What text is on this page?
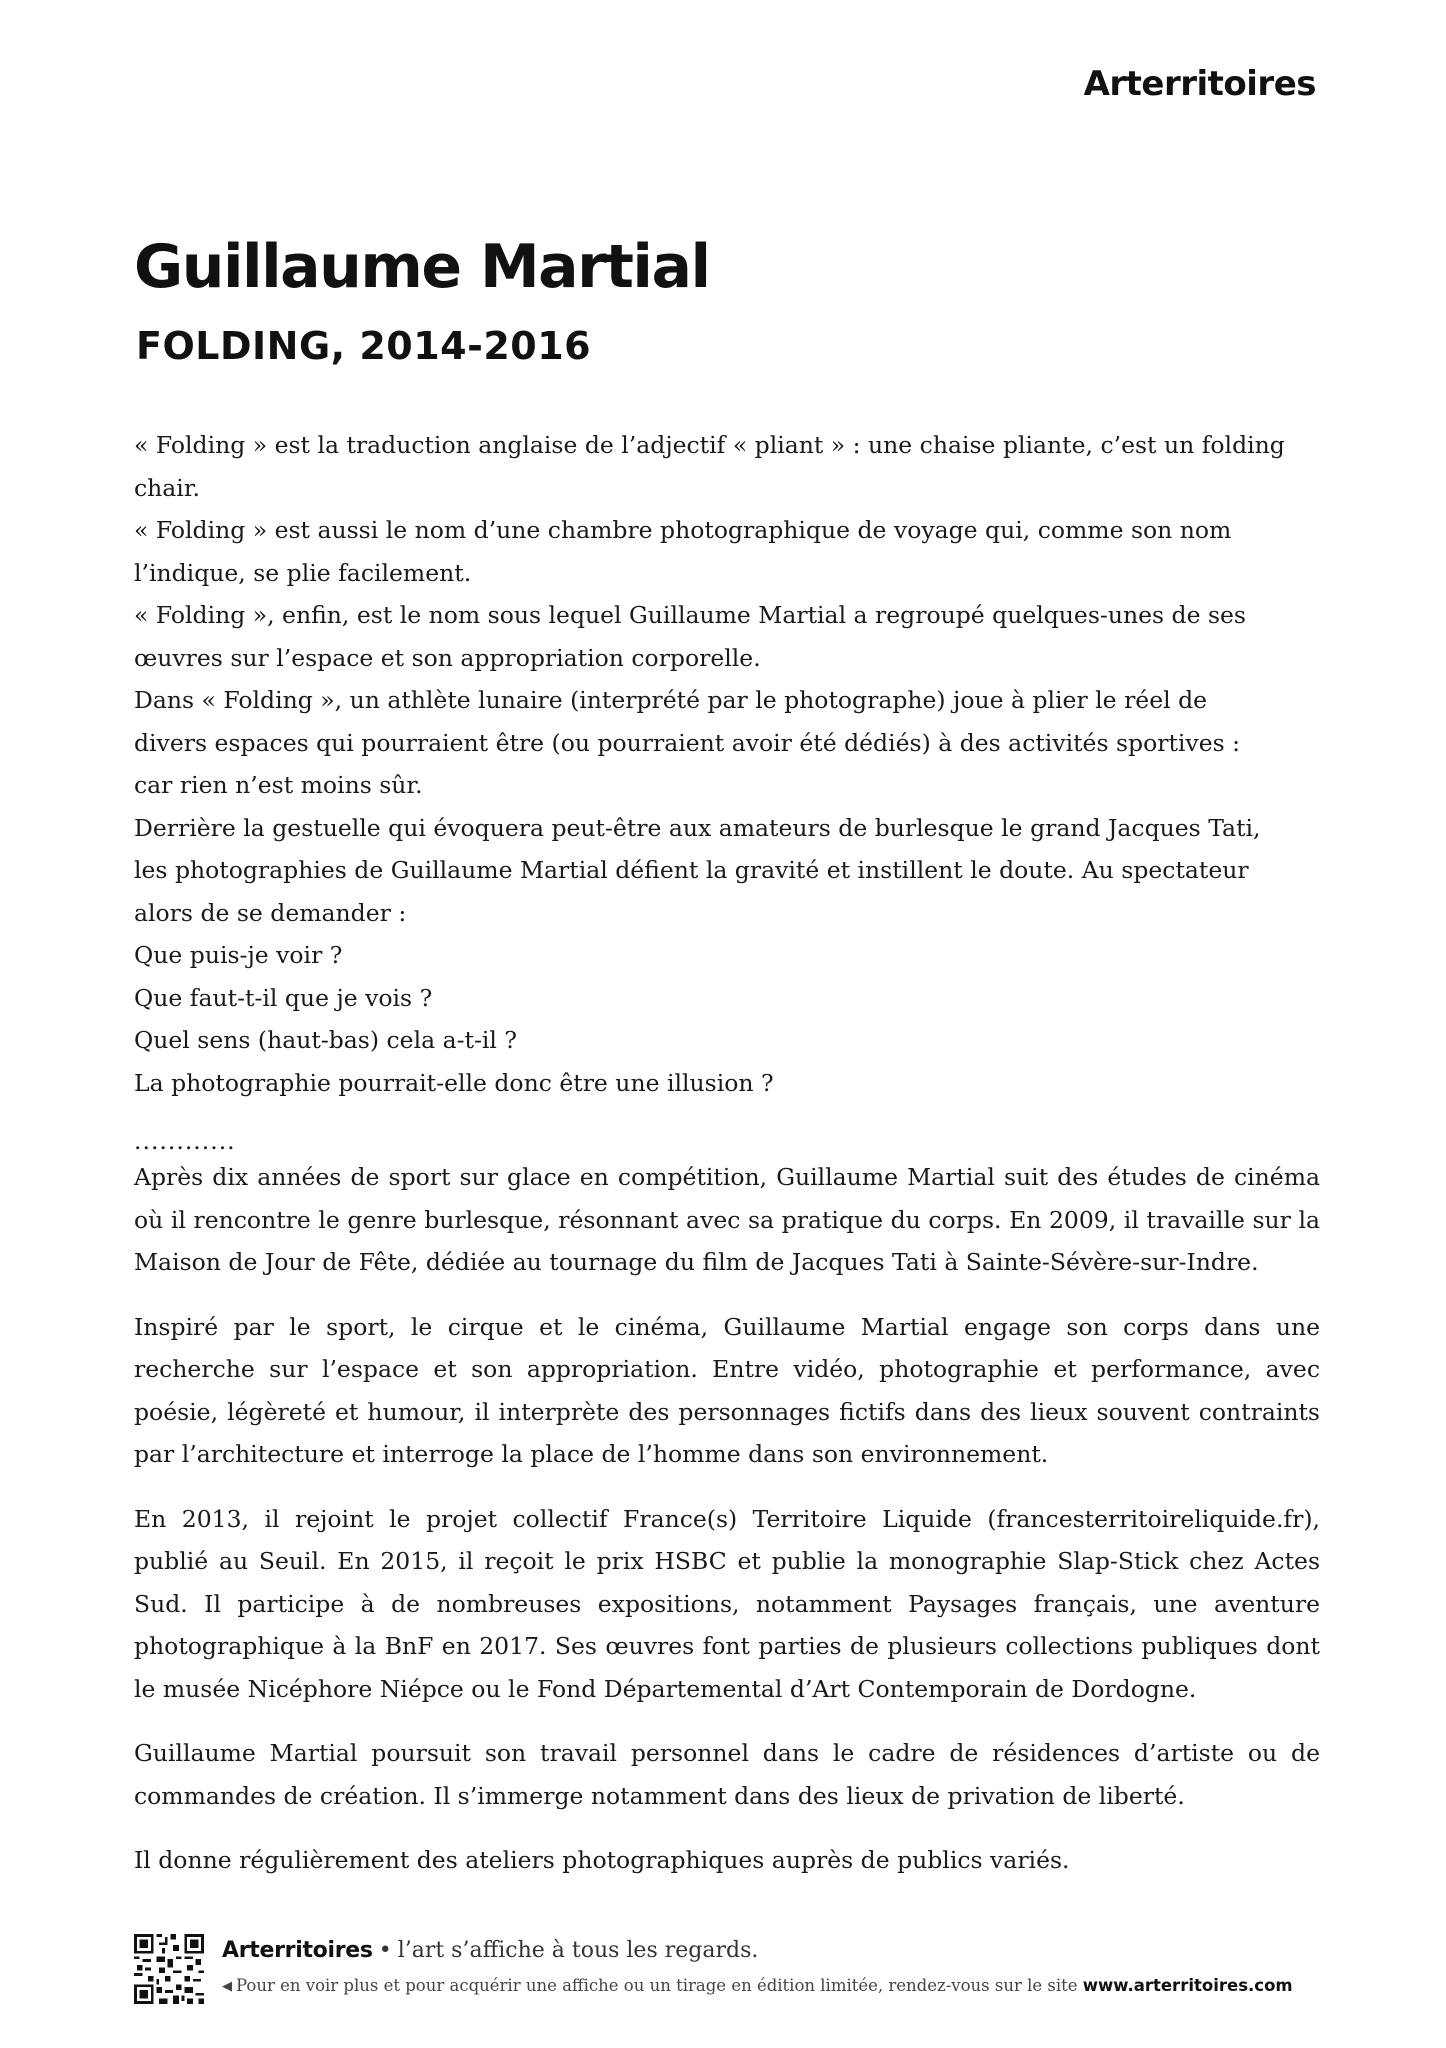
Arterritoires
Guillaume Martial
FOLDING, 2014-2016

« Folding » est la traduction anglaise de l’adjectif « pliant » : une chaise pliante, c’est un folding chair.

« Folding » est aussi le nom d’une chambre photographique de voyage qui, comme son nom

l’indique, se plie facilement.

« Folding », enfin, est le nom sous lequel Guillaume Martial a regroupé quelques-unes de ses

œuvres sur l’espace et son appropriation corporelle.

Dans « Folding », un athlète lunaire (interprété par le photographe) joue à plier le réel de

divers espaces qui pourraient être (ou pourraient avoir été dédiés) à des activités sportives :

car rien n’est moins sûr.

Derrière la gestuelle qui évoquera peut-être aux amateurs de burlesque le grand Jacques Tati,

les photographies de Guillaume Martial défient la gravité et instillent le doute. Au spectateur

alors de se demander :

Que puis-je voir ?

Que faut-t-il que je vois ?

Quel sens (haut-bas) cela a-t-il ?

La photographie pourrait-elle donc être une illusion ?

............

Après dix années de sport sur glace en compétition, Guillaume Martial suit des études de cinéma où il rencontre le genre burlesque, résonnant avec sa pratique du corps. En 2009, il travaille sur la Maison de Jour de Fête, dédiée au tournage du film de Jacques Tati à Sainte-Sévère-sur-Indre.

Inspiré par le sport, le cirque et le cinéma, Guillaume Martial engage son corps dans une recherche sur l’espace et son appropriation. Entre vidéo, photographie et performance, avec poésie, légèreté et humour, il interprète des personnages fictifs dans des lieux souvent contraints par l’architecture et interroge la place de l’homme dans son environnement.

En 2013, il rejoint le projet collectif France(s) Territoire Liquide (francesterritoireliquide.fr), publié au Seuil. En 2015, il reçoit le prix HSBC et publie la monographie Slap-Stick chez Actes Sud. Il participe à de nombreuses expositions, notamment Paysages français, une aventure photographique à la BnF en 2017. Ses œuvres font parties de plusieurs collections publiques dont le musée Nicéphore Niépce ou le Fond Départemental d’Art Contemporain de Dordogne.

Guillaume Martial poursuit son travail personnel dans le cadre de résidences d’artiste ou de commandes de création. Il s’immerge notamment dans des lieux de privation de liberté.

Il donne régulièrement des ateliers photographiques auprès de publics variés.

Arterritoires • l’art s’affiche à tous les regards.
◀ Pour en voir plus et pour acquérir une affiche ou un tirage en édition limitée, rendez-vous sur le site www.arterritoires.com
